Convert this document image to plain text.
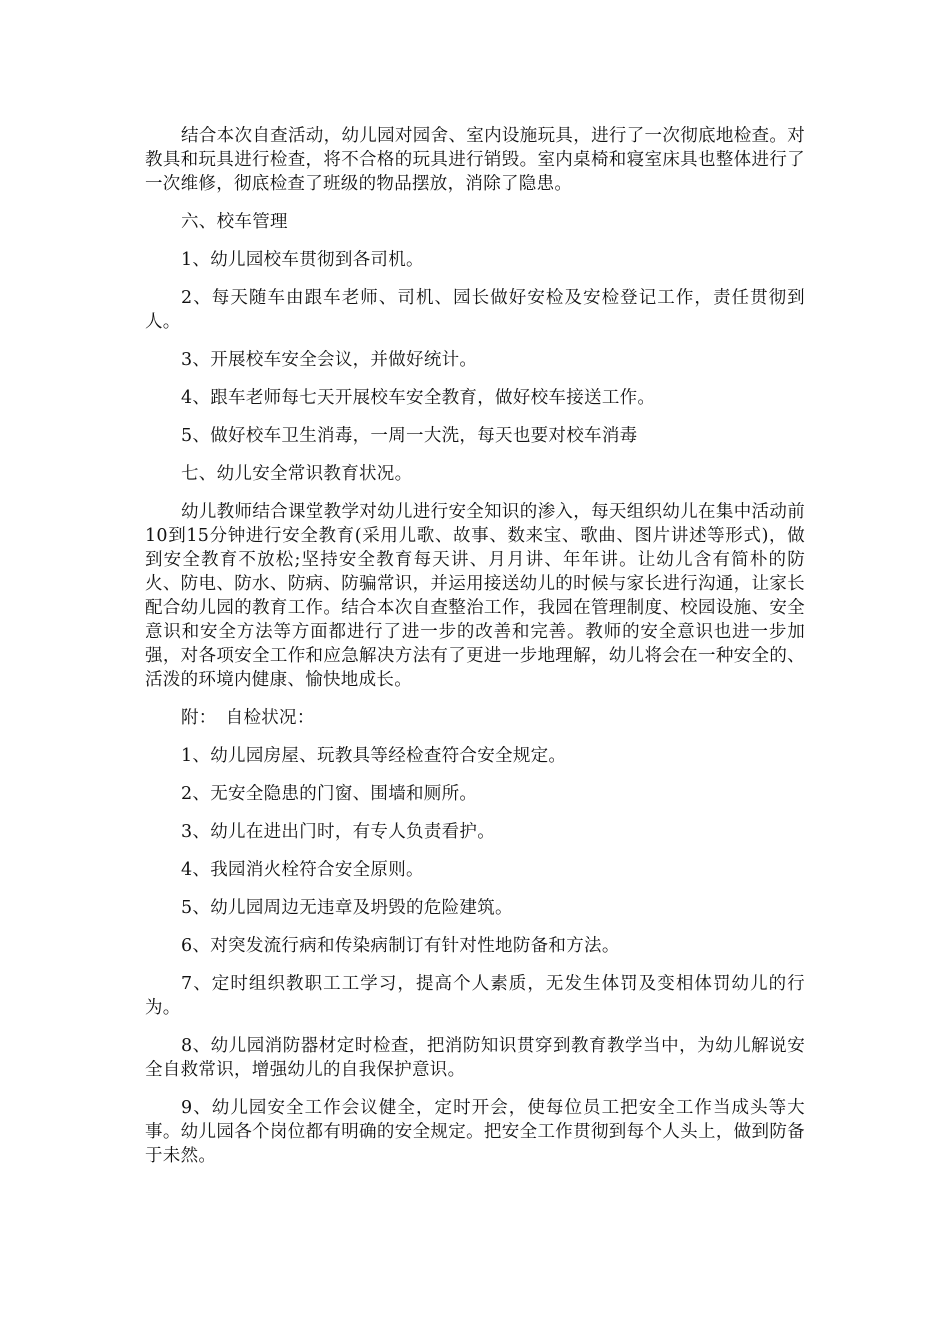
结合本次自查活动，幼儿园对园舍、室内设施玩具，进行了一次彻底地检查。对教具和玩具进行检查，将不合格的玩具进行销毁。室内桌椅和寝室床具也整体进行了一次维修，彻底检查了班级的物品摆放，消除了隐患。

六、校车管理

1、幼儿园校车贯彻到各司机。

2、每天随车由跟车老师、司机、园长做好安检及安检登记工作，责任贯彻到人。

3、开展校车安全会议，并做好统计。

4、跟车老师每七天开展校车安全教育，做好校车接送工作。

5、做好校车卫生消毒，一周一大洗，每天也要对校车消毒

七、幼儿安全常识教育状况。

幼儿教师结合课堂教学对幼儿进行安全知识的渗入，每天组织幼儿在集中活动前10到15分钟进行安全教育(采用儿歌、故事、数来宝、歌曲、图片讲述等形式)，做到安全教育不放松;坚持安全教育每天讲、月月讲、年年讲。让幼儿含有简朴的防火、防电、防水、防病、防骗常识，并运用接送幼儿的时候与家长进行沟通，让家长配合幼儿园的教育工作。结合本次自查整治工作，我园在管理制度、校园设施、安全意识和安全方法等方面都进行了进一步的改善和完善。教师的安全意识也进一步加强，对各项安全工作和应急解决方法有了更进一步地理解，幼儿将会在一种安全的、活泼的环境内健康、愉快地成长。

附：　自检状况：

1、幼儿园房屋、玩教具等经检查符合安全规定。

2、无安全隐患的门窗、围墙和厕所。

3、幼儿在进出门时，有专人负责看护。

4、我园消火栓符合安全原则。

5、幼儿园周边无违章及坍毁的危险建筑。

6、对突发流行病和传染病制订有针对性地防备和方法。

7、定时组织教职工工学习，提高个人素质，无发生体罚及变相体罚幼儿的行为。

8、幼儿园消防器材定时检查，把消防知识贯穿到教育教学当中，为幼儿解说安全自救常识，增强幼儿的自我保护意识。

9、幼儿园安全工作会议健全，定时开会，使每位员工把安全工作当成头等大事。幼儿园各个岗位都有明确的安全规定。把安全工作贯彻到每个人头上，做到防备于未然。
